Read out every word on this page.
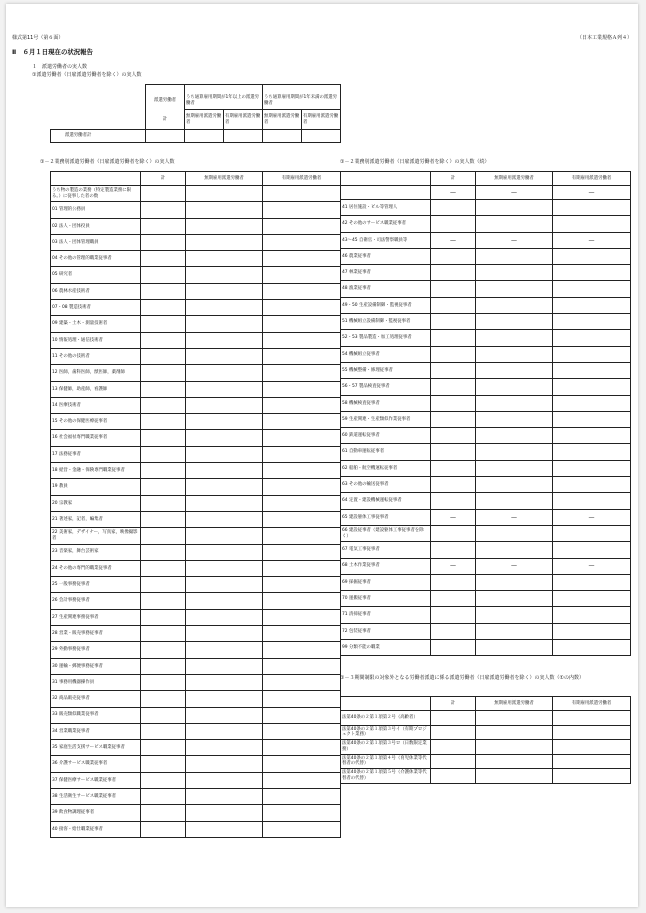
様式第11号（第６面）	（日本工業規格Ａ列４）
Ⅱ　６月１日現在の状況報告
１　派遣労働者の実人数
①派遣労働者（日雇派遣労働者を除く）の実人数

	派遣労働者	うち通算雇用期間が1年以上の派遣労働者		うち通算雇用期間が1年未満の派遣労働者	
	計	無期雇用派遣労働者	有期雇用派遣労働者	無期雇用派遣労働者	有期雇用派遣労働者
派遣労働者計					
①－２業務別派遣労働者（日雇派遣労働者を除く）の実人数
	計	無期雇用派遣労働者	有期雇用派遣労働者
うち物の製造の業務（特定製造業務に限る。）に従事した者の数			
01 管理的公務員			
02 法人・団体役員			
03 法人・団体管理職員			
04 その他の管理的職業従事者			
05 研究者			
06 農林水産技術者			
07・08 製造技術者			
09 建築・土木・測量技術者			
10 情報処理・通信技術者			
11 その他の技術者			
12 医師，歯科医師，獣医師，薬剤師			
13 保健師，助産師，看護師			
14 医療技術者			
15 その他の保健医療従事者			
16 社会福祉専門職業従事者			
17 法務従事者			
18 経営・金融・保険専門職業従事者			
19 教員			
20 宗教家			
21 著述家，記者，編集者			
22 美術家，デザイナー，写真家，映像撮影者			
23 音楽家，舞台芸術家			
24 その他の専門的職業従事者			
25 一般事務従事者			
26 会計事務従事者			
27 生産関連事務従事者			
28 営業・販売事務従事者			
29 外勤事務従事者			
30 運輸・郵便事務従事者			
31 事務用機器操作員			
32 商品販売従事者			
33 販売類似職業従事者			
34 営業職業従事者			
35 家庭生活支援サービス職業従事者			
36 介護サービス職業従事者			
37 保健医療サービス職業従事者			
38 生活衛生サービス職業従事者			
39 飲食物調理従事者			
40 接客・給仕職業従事者			
①－２業務別派遣労働者（日雇派遣労働者を除く）の実人数（続）
	計	無期雇用派遣労働者	有期雇用派遣労働者
	—	—	—
41 居住施設・ビル等管理人			
42 その他のサービス職業従事者			
43～45 自衛官・司法警察職員等	—	—	—
46 農業従事者			
47 林業従事者			
48 漁業従事者			
49・50 生産設備制御・監視従事者			
51 機械組立設備制御・監視従事者			
52・53 製品製造・加工処理従事者			
54 機械組立従事者			
55 機械整備・修理従事者			
56・57 製品検査従事者			
58 機械検査従事者			
59 生産関連・生産類似作業従事者			
60 鉄道運転従事者			
61 自動車運転従事者			
62 船舶・航空機運転従事者			
63 その他の輸送従事者			
64 定置・建設機械運転従事者			
65 建設躯体工事従事者	—	—	—
66 建設従事者（建設躯体工事従事者を除く）			
67 電気工事従事者			
68 土木作業従事者	—	—	—
69 採掘従事者			
70 運搬従事者			
71 清掃従事者			
72 包装従事者			
99 分類不能の職業			
①－３期間制限の対象外となる労働者派遣に係る派遣労働者（日雇派遣労働者を除く）の実人数（①の内数）
	計	無期雇用派遣労働者	有期雇用派遣労働者
法第40条の２第１項第２号（高齢者）			
法第40条の２第１項第３号イ（有期プロジェクト業務）			
法第40条の２第１項第３号ロ（日数限定業務）			
法第40条の２第１項第４号（育児休業等代替者の代替）			
法第40条の２第１項第５号（介護休業等代替者の代替）			
